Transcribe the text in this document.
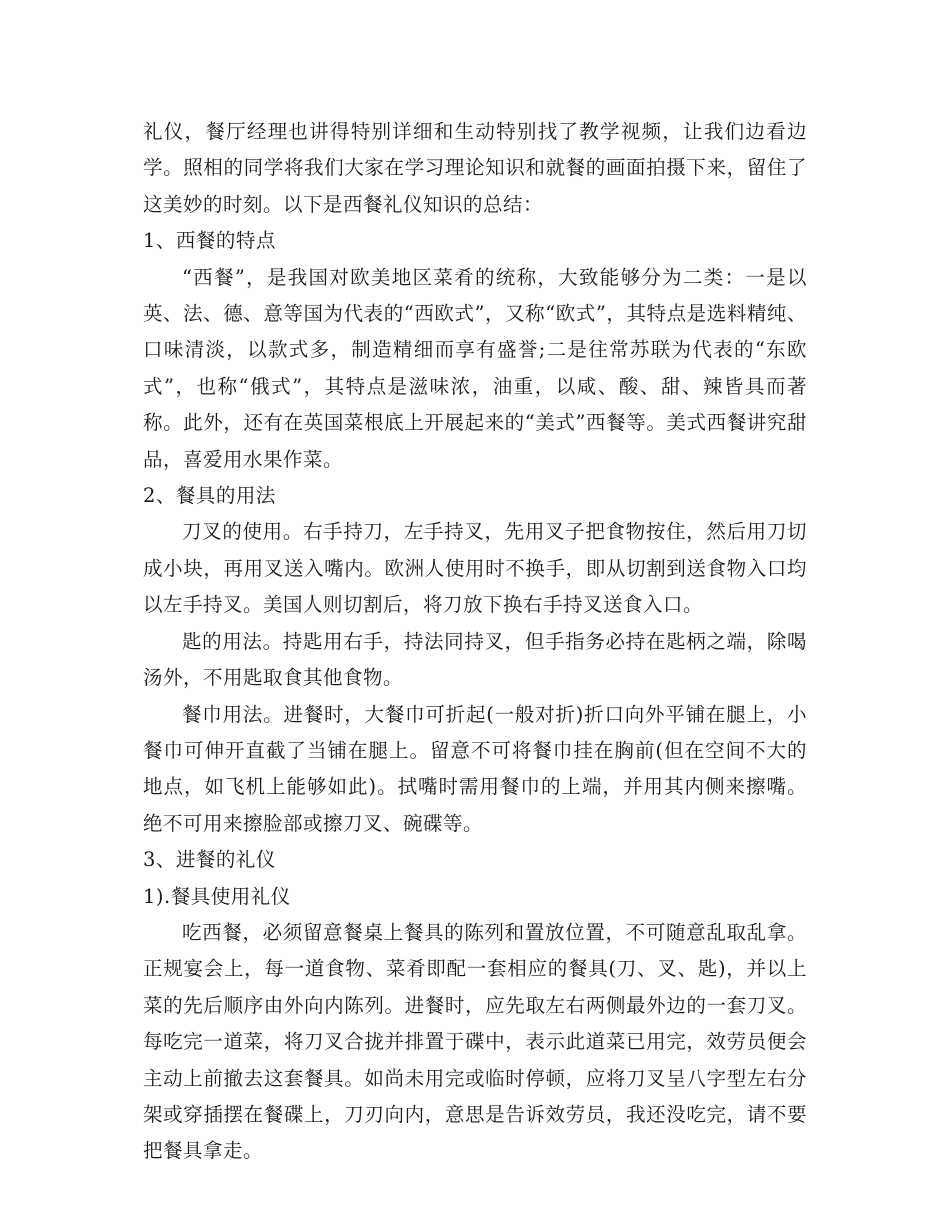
礼仪，餐厅经理也讲得特别详细和生动特别找了教学视频，让我们边看边学。照相的同学将我们大家在学习理论知识和就餐的画面拍摄下来，留住了这美妙的时刻。以下是西餐礼仪知识的总结：

1、西餐的特点

“西餐”，是我国对欧美地区菜肴的统称，大致能够分为二类：一是以英、法、德、意等国为代表的“西欧式”，又称“欧式”，其特点是选料精纯、口味清淡，以款式多，制造精细而享有盛誉;二是往常苏联为代表的“东欧式”，也称“俄式”，其特点是滋味浓，油重，以咸、酸、甜、辣皆具而著称。此外，还有在英国菜根底上开展起来的“美式”西餐等。美式西餐讲究甜品，喜爱用水果作菜。

2、餐具的用法

刀叉的使用。右手持刀，左手持叉，先用叉子把食物按住，然后用刀切成小块，再用叉送入嘴内。欧洲人使用时不换手，即从切割到送食物入口均以左手持叉。美国人则切割后，将刀放下换右手持叉送食入口。

匙的用法。持匙用右手，持法同持叉，但手指务必持在匙柄之端，除喝汤外，不用匙取食其他食物。

餐巾用法。进餐时，大餐巾可折起(一般对折)折口向外平铺在腿上，小餐巾可伸开直截了当铺在腿上。留意不可将餐巾挂在胸前(但在空间不大的地点，如飞机上能够如此)。拭嘴时需用餐巾的上端，并用其内侧来擦嘴。绝不可用来擦脸部或擦刀叉、碗碟等。

3、进餐的礼仪

1).餐具使用礼仪

吃西餐，必须留意餐桌上餐具的陈列和置放位置，不可随意乱取乱拿。正规宴会上，每一道食物、菜肴即配一套相应的餐具(刀、叉、匙)，并以上菜的先后顺序由外向内陈列。进餐时，应先取左右两侧最外边的一套刀叉。每吃完一道菜，将刀叉合拢并排置于碟中，表示此道菜已用完，效劳员便会主动上前撤去这套餐具。如尚未用完或临时停顿，应将刀叉呈八字型左右分架或穿插摆在餐碟上，刀刃向内，意思是告诉效劳员，我还没吃完，请不要把餐具拿走。
